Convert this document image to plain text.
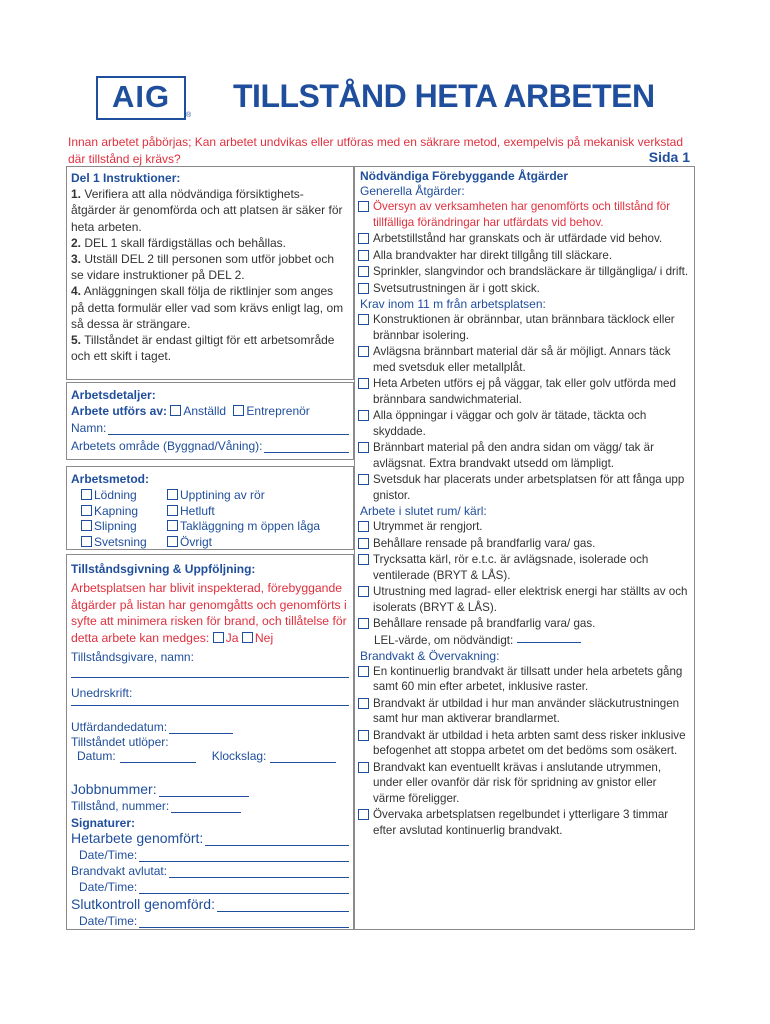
AIG
®
TILLSTÅND HETA ARBETEN
Innan arbetet påbörjas; Kan arbetet undvikas eller utföras med en säkrare metod, exempelvis på mekanisk verkstad där tillstånd ej krävs?	Sida 1
Del 1 Instruktioner:

1. Verifiera att alla nödvändiga försiktighets- åtgärder är genomförda och att platsen är säker för heta arbeten.

2. DEL 1 skall färdigställas och behållas.

3. Utställ DEL 2 till personen som utför jobbet och se vidare instruktioner på DEL 2.

4. Anläggningen skall följa de riktlinjer som anges på detta formulär eller vad som krävs enligt lag, om så dessa är strängare.

5. Tillståndet är endast giltigt för ett arbetsområde och ett skift i taget.

Arbetsdetaljer:
Arbete utförs av: Anställd Entreprenör
Namn:
Arbetets område (Byggnad/Våning):
Arbetsmetod:
Lödning
Kapning
Slipning
Svetsning
Upptining av rör
Hetluft
Takläggning m öppen låga
Övrigt
Tillståndsgivning & Uppföljning:
Arbetsplatsen har blivit inspekterad, förebyggande åtgärder på listan har genomgåtts och genomförts i syfte att minimera risken för brand, och tillåtelse för detta arbete kan medges: Ja Nej
Tillståndsgivare, namn:
Unedrskrift:
Utfärdandedatum:
Tillståndet utlöper:
Datum:	Klockslag:
Jobbnummer:
Tillstånd, nummer:
Signaturer:
Hetarbete genomfört:
Date/Time:
Brandvakt avlutat:
Date/Time:
Slutkontroll genomförd:
Date/Time:
Nödvändiga Förebyggande Åtgärder
Generella Åtgärder:
Översyn av verksamheten har genomförts och tillstånd för tillfälliga förändringar har utfärdats vid behov.
Arbetstillstånd har granskats och är utfärdade vid behov.
Alla brandvakter har direkt tillgång till släckare.
Sprinkler, slangvindor och brandsläckare är tillgängliga/ i drift.
Svetsutrustningen är i gott skick.
Krav inom 11 m från arbetsplatsen:
Konstruktionen är obrännbar, utan brännbara täcklock eller brännbar isolering.
Avlägsna brännbart material där så är möjligt. Annars täck med svetsduk eller metallplåt.
Heta Arbeten utförs ej på väggar, tak eller golv utförda med brännbara sandwichmaterial.
Alla öppningar i väggar och golv är tätade, täckta och skyddade.
Brännbart material på den andra sidan om vägg/ tak är avlägsnat. Extra brandvakt utsedd om lämpligt.
Svetsduk har placerats under arbetsplatsen för att fånga upp gnistor.
Arbete i slutet rum/ kärl:
Utrymmet är rengjort.
Behållare rensade på brandfarlig vara/ gas.
Trycksatta kärl, rör e.t.c. är avlägsnade, isolerade och ventilerade (BRYT & LÅS).
Utrustning med lagrad- eller elektrisk energi har ställts av och isolerats (BRYT & LÅS).
Behållare rensade på brandfarlig vara/ gas.
LEL-värde, om nödvändigt:
Brandvakt & Övervakning:
En kontinuerlig brandvakt är tillsatt under hela arbetets gång samt 60 min efter arbetet, inklusive raster.
Brandvakt är utbildad i hur man använder släckutrustningen samt hur man aktiverar brandlarmet.
Brandvakt är utbildad i heta arbten samt dess risker inklusive befogenhet att stoppa arbetet om det bedöms som osäkert.
Brandvakt kan eventuellt krävas i anslutande utrymmen, under eller ovanför där risk för spridning av gnistor eller värme föreligger.
Övervaka arbetsplatsen regelbundet i ytterligare 3 timmar efter avslutad kontinuerlig brandvakt.
